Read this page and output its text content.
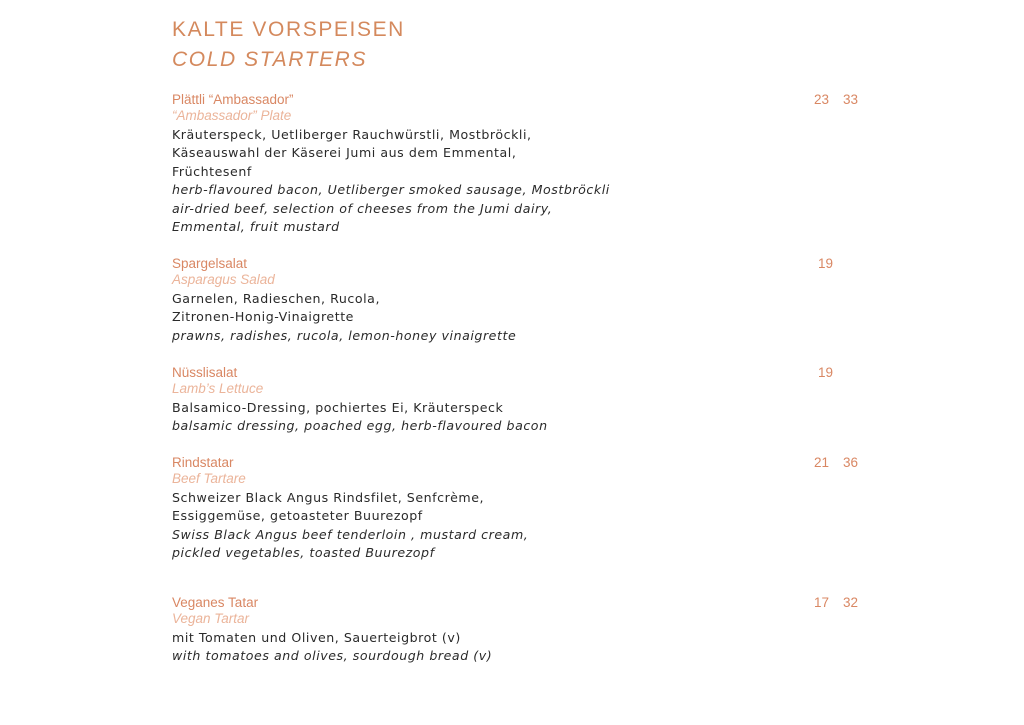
KALTE VORSPEISEN
COLD STARTERS
Plättli “Ambassador”
“Ambassador” Plate
Kräuterspeck, Uetliberger Rauchwürstli, Mostbröckli,
Käseauswahl der Käserei Jumi aus dem Emmental,
Früchtesenf
herb-flavoured bacon, Uetliberger smoked sausage, Mostbröckli
air-dried beef, selection of cheeses from the Jumi dairy,
Emmental, fruit mustard
23 33
Spargelsalat
Asparagus Salad
Garnelen, Radieschen, Rucola,
Zitronen-Honig-Vinaigrette
prawns, radishes, rucola, lemon-honey vinaigrette
19
Nüsslisalat
Lamb’s Lettuce
Balsamico-Dressing, pochiertes Ei, Kräuterspeck
balsamic dressing, poached egg, herb-flavoured bacon
19
Rindstatar
Beef Tartare
Schweizer Black Angus Rindsfilet, Senfcrème,
Essiggemüse, getoasteter Buurezopf
Swiss Black Angus beef tenderloin , mustard cream,
pickled vegetables, toasted Buurezopf
21 36
Veganes Tatar
Vegan Tartar
mit Tomaten und Oliven, Sauerteigbrot (v)
with tomatoes and olives, sourdough bread (v)
17 32
